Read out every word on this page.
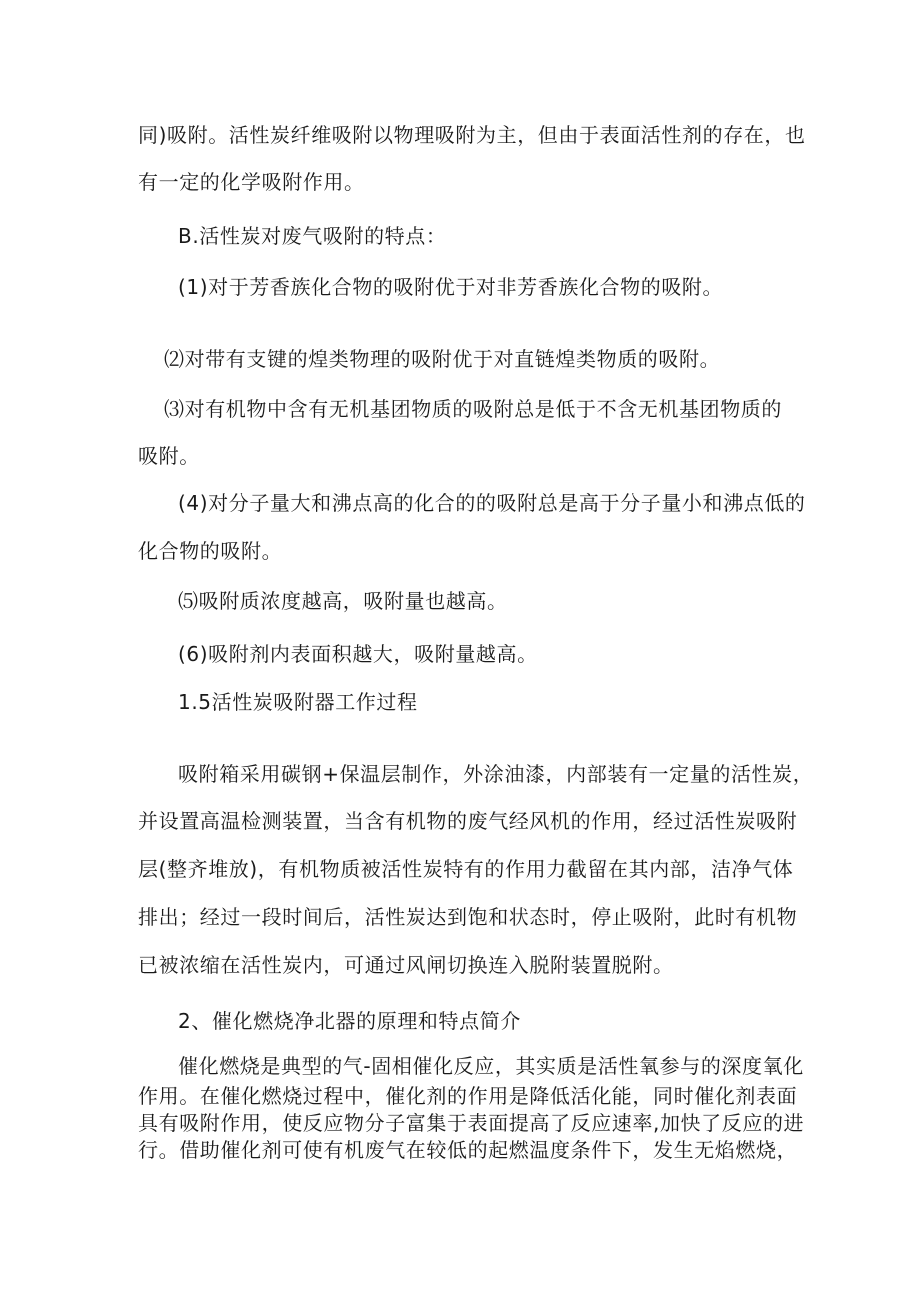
同)吸附。活性炭纤维吸附以物理吸附为主，但由于表面活性剂的存在，也
有一定的化学吸附作用。
B.活性炭对废气吸附的特点：
(1)对于芳香族化合物的吸附优于对非芳香族化合物的吸附。
⑵对带有支键的煌类物理的吸附优于对直链煌类物质的吸附。
⑶对有机物中含有无机基团物质的吸附总是低于不含无机基团物质的
吸附。
(4)对分子量大和沸点高的化合的的吸附总是高于分子量小和沸点低的
化合物的吸附。
⑸吸附质浓度越高，吸附量也越高。
(6)吸附剂内表面积越大，吸附量越高。
1.5活性炭吸附器工作过程
吸附箱采用碳钢+保温层制作，外涂油漆，内部装有一定量的活性炭，
并设置高温检测装置，当含有机物的废气经风机的作用，经过活性炭吸附
层(整齐堆放)，有机物质被活性炭特有的作用力截留在其内部，洁净气体
排出；经过一段时间后，活性炭达到饱和状态时，停止吸附，此时有机物
已被浓缩在活性炭内，可通过风闸切换连入脱附装置脱附。
2、催化燃烧净北器的原理和特点简介
催化燃烧是典型的气-固相催化反应，其实质是活性氧参与的深度氧化
作用。在催化燃烧过程中，催化剂的作用是降低活化能，同时催化剂表面
具有吸附作用，使反应物分子富集于表面提高了反应速率,加快了反应的进
行。借助催化剂可使有机废气在较低的起燃温度条件下，发生无焰燃烧，
